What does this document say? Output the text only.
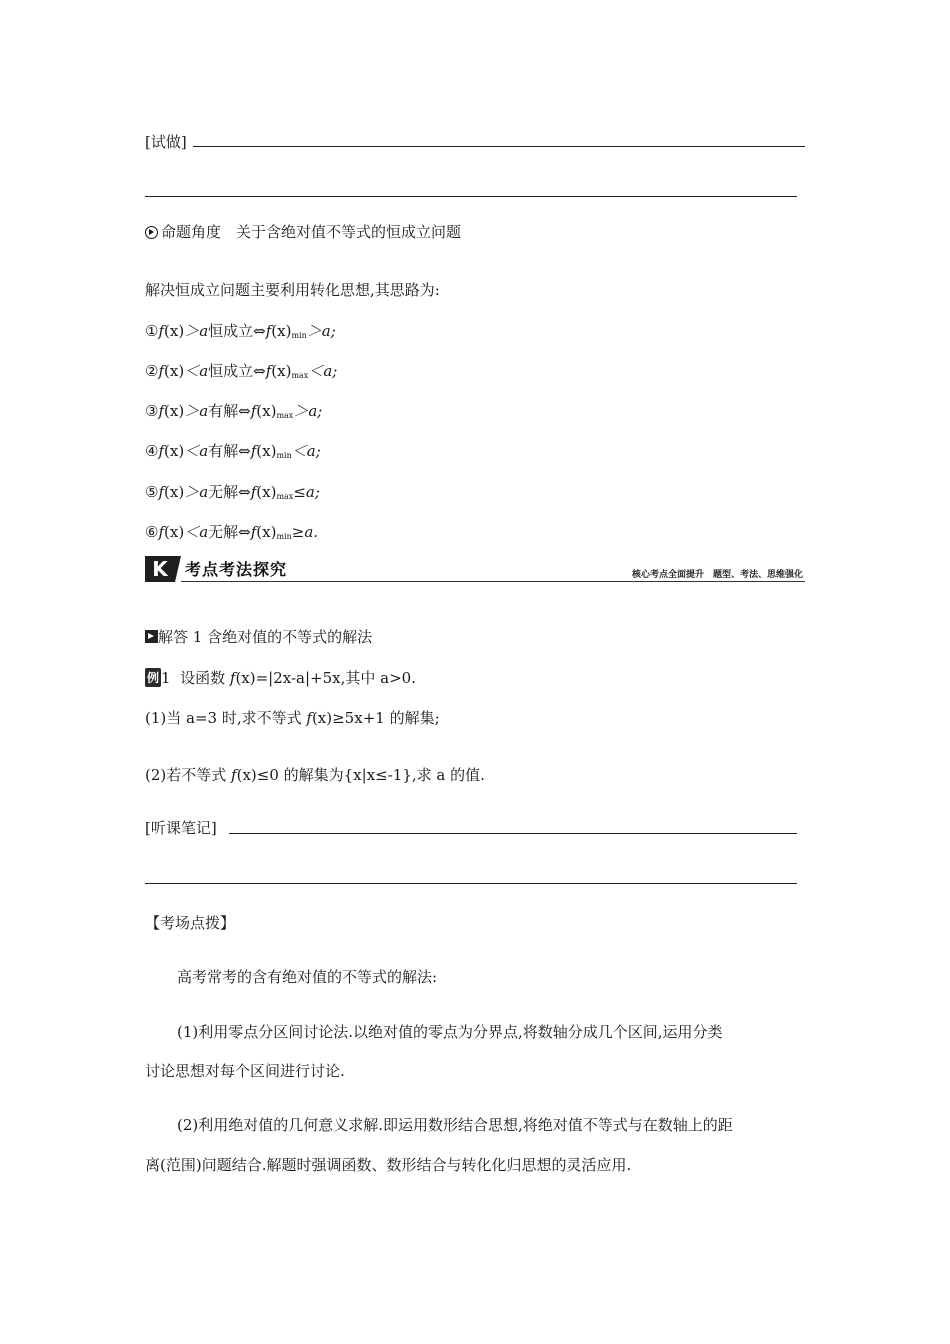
[试做]
命题角度　关于含绝对值不等式的恒成立问题
解决恒成立问题主要利用转化思想,其思路为:
①f(x)＞a恒成立$\Leftrightarrow f(x)_{min}>a$;
②f(x)＜a恒成立$\Leftrightarrow f(x)_{max}<a$;
③f(x)＞a有解$\Leftrightarrow f(x)_{max}>a$;
④f(x)＜a有解$\Leftrightarrow f(x)_{min}<a$;
⑤f(x)＞a无解$\Leftrightarrow f(x)_{max}\le a$;
⑥f(x)＜a无解$\Leftrightarrow f(x)_{min}\ge a$.
K	考点考法探究	核心考点全面提升　题型、考法、思维强化
解答 1 含绝对值的不等式的解法
例 1 设函数 f(x)=|2x-a|+5x,其中 a>0.
(1)当 a=3 时,求不等式 f(x)≥5x+1 的解集;
(2)若不等式 f(x)≤0 的解集为{x|x≤-1},求 a 的值.
[听课笔记]
【考场点拨】
高考常考的含有绝对值的不等式的解法:
(1)利用零点分区间讨论法.以绝对值的零点为分界点,将数轴分成几个区间,运用分类
讨论思想对每个区间进行讨论.
(2)利用绝对值的几何意义求解.即运用数形结合思想,将绝对值不等式与在数轴上的距
离(范围)问题结合.解题时强调函数、数形结合与转化化归思想的灵活应用.
